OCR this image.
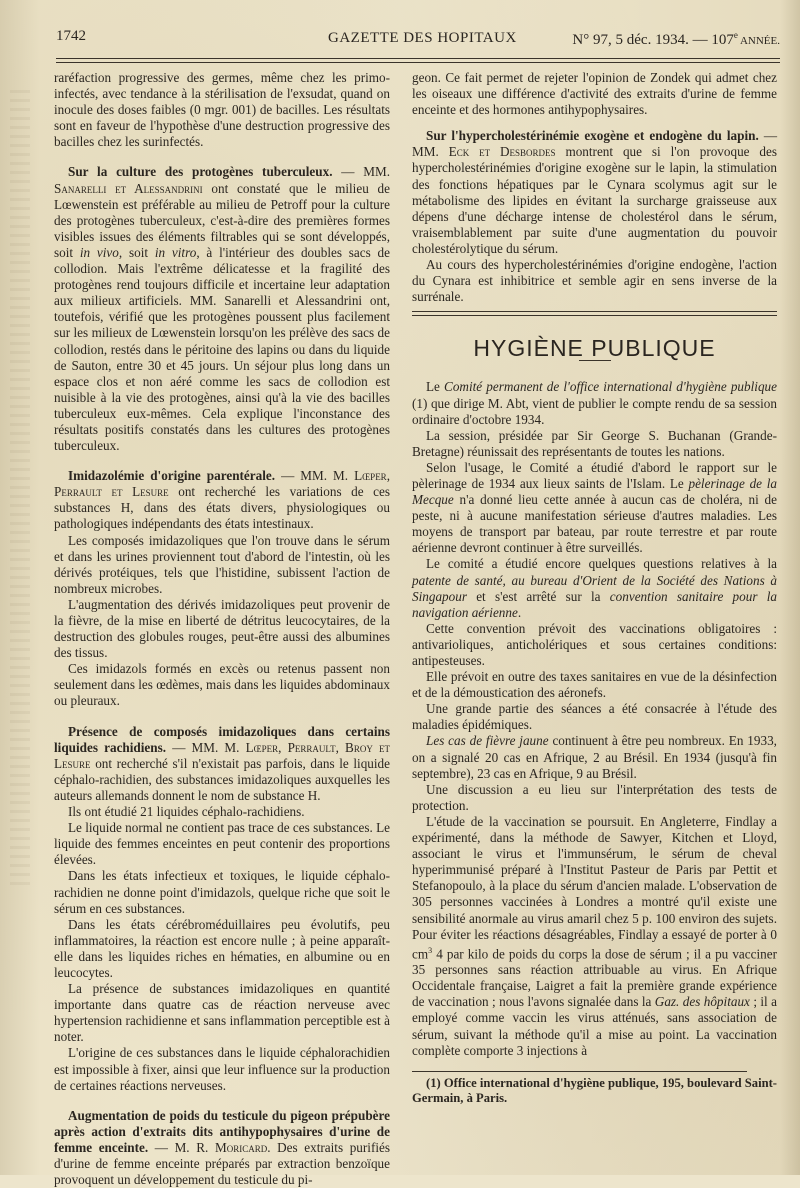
1742	GAZETTE DES HOPITAUX	N° 97, 5 déc. 1934. — 107e ANNÉE.

raréfaction progressive des germes, même chez les primo-infectés, avec tendance à la stérilisation de l'exsudat, quand on inocule des doses faibles (0 mgr. 001) de bacilles. Les résultats sont en faveur de l'hypothèse d'une destruction progressive des bacilles chez les surinfectés.

Sur la culture des protogènes tuberculeux. — MM. Sanarelli et Alessandrini ont constaté que le milieu de Lœwenstein est préférable au milieu de Petroff pour la culture des protogènes tuberculeux, c'est-à-dire des premières formes visibles issues des éléments filtrables qui se sont développés, soit in vivo, soit in vitro, à l'intérieur des doubles sacs de collodion. Mais l'extrême délicatesse et la fragilité des protogènes rend toujours difficile et incertaine leur adaptation aux milieux artificiels. MM. Sanarelli et Alessandrini ont, toutefois, vérifié que les protogènes poussent plus facilement sur les milieux de Lœwenstein lorsqu'on les prélève des sacs de collodion, restés dans le péritoine des lapins ou dans du liquide de Sauton, entre 30 et 45 jours. Un séjour plus long dans un espace clos et non aéré comme les sacs de collodion est nuisible à la vie des protogènes, ainsi qu'à la vie des bacilles tuberculeux eux-mêmes. Cela explique l'inconstance des résultats positifs constatés dans les cultures des protogènes tuberculeux.

Imidazolémie d'origine parentérale. — MM. M. Lœper, Perrault et Lesure ont recherché les variations de ces substances H, dans des états divers, physiologiques ou pathologiques indépendants des états intestinaux.

Les composés imidazoliques que l'on trouve dans le sérum et dans les urines proviennent tout d'abord de l'intestin, où les dérivés protéiques, tels que l'histidine, subissent l'action de nombreux microbes.

L'augmentation des dérivés imidazoliques peut provenir de la fièvre, de la mise en liberté de détritus leucocytaires, de la destruction des globules rouges, peut-être aussi des albumines des tissus.

Ces imidazols formés en excès ou retenus passent non seulement dans les œdèmes, mais dans les liquides abdominaux ou pleuraux.

Présence de composés imidazoliques dans certains liquides rachidiens. — MM. M. Lœper, Perrault, Broy et Lesure ont recherché s'il n'existait pas parfois, dans le liquide céphalo-rachidien, des substances imidazoliques auxquelles les auteurs allemands donnent le nom de substance H.

Ils ont étudié 21 liquides céphalo-rachidiens.

Le liquide normal ne contient pas trace de ces substances. Le liquide des femmes enceintes en peut contenir des proportions élevées.

Dans les états infectieux et toxiques, le liquide céphalo-rachidien ne donne point d'imidazols, quelque riche que soit le sérum en ces substances.

Dans les états cérébroméduillaires peu évolutifs, peu inflammatoires, la réaction est encore nulle ; à peine apparaît-elle dans les liquides riches en hématies, en albumine ou en leucocytes.

La présence de substances imidazoliques en quantité importante dans quatre cas de réaction nerveuse avec hypertension rachidienne et sans inflammation perceptible est à noter.

L'origine de ces substances dans le liquide céphalorachidien est impossible à fixer, ainsi que leur influence sur la production de certaines réactions nerveuses.

Augmentation de poids du testicule du pigeon prépubère après action d'extraits dits antihypophysaires d'urine de femme enceinte. — M. R. Moricard. Des extraits purifiés d'urine de femme enceinte préparés par extraction benzoïque provoquent un développement du testicule du pi-

geon. Ce fait permet de rejeter l'opinion de Zondek qui admet chez les oiseaux une différence d'activité des extraits d'urine de femme enceinte et des hormones antihypophysaires.

Sur l'hypercholestérinémie exogène et endogène du lapin. — MM. Eck et Desbordes montrent que si l'on provoque des hypercholestérinémies d'origine exogène sur le lapin, la stimulation des fonctions hépatiques par le Cynara scolymus agit sur le métabolisme des lipides en évitant la surcharge graisseuse aux dépens d'une décharge intense de cholestérol dans le sérum, vraisemblablement par suite d'une augmentation du pouvoir cholestérolytique du sérum.

Au cours des hypercholestérinémies d'origine endogène, l'action du Cynara est inhibitrice et semble agir en sens inverse de la surrénale.

HYGIÈNE PUBLIQUE

Le Comité permanent de l'office international d'hygiène publique (1) que dirige M. Abt, vient de publier le compte rendu de sa session ordinaire d'octobre 1934.

La session, présidée par Sir George S. Buchanan (Grande-Bretagne) réunissait des représentants de toutes les nations.

Selon l'usage, le Comité a étudié d'abord le rapport sur le pèlerinage de 1934 aux lieux saints de l'Islam. Le pèlerinage de la Mecque n'a donné lieu cette année à aucun cas de choléra, ni de peste, ni à aucune manifestation sérieuse d'autres maladies. Les moyens de transport par bateau, par route terrestre et par route aérienne devront continuer à être surveillés.

Le comité a étudié encore quelques questions relatives à la patente de santé, au bureau d'Orient de la Société des Nations à Singapour et s'est arrêté sur la convention sanitaire pour la navigation aérienne.

Cette convention prévoit des vaccinations obligatoires : antivarioliques, anticholériques et sous certaines conditions: antipesteuses.

Elle prévoit en outre des taxes sanitaires en vue de la désinfection et de la démoustication des aéronefs.

Une grande partie des séances a été consacrée à l'étude des maladies épidémiques.

Les cas de fièvre jaune continuent à être peu nombreux. En 1933, on a signalé 20 cas en Afrique, 2 au Brésil. En 1934 (jusqu'à fin septembre), 23 cas en Afrique, 9 au Brésil.

Une discussion a eu lieu sur l'interprétation des tests de protection.

L'étude de la vaccination se poursuit. En Angleterre, Findlay a expérimenté, dans la méthode de Sawyer, Kitchen et Lloyd, associant le virus et l'immunsérum, le sérum de cheval hyperimmunisé préparé à l'Institut Pasteur de Paris par Pettit et Stefanopoulo, à la place du sérum d'ancien malade. L'observation de 305 personnes vaccinées à Londres a montré qu'il existe une sensibilité anormale au virus amaril chez 5 p. 100 environ des sujets. Pour éviter les réactions désagréables, Findlay a essayé de porter à 0 $cm^3$ 4 par kilo de poids du corps la dose de sérum ; il a pu vacciner 35 personnes sans réaction attribuable au virus. En Afrique Occidentale française, Laigret a fait la première grande expérience de vaccination ; nous l'avons signalée dans la Gaz. des hôpitaux ; il a employé comme vaccin les virus atténués, sans association de sérum, suivant la méthode qu'il a mise au point. La vaccination complète comporte 3 injections à

(1) Office international d'hygiène publique, 195, boulevard Saint-Germain, à Paris.
